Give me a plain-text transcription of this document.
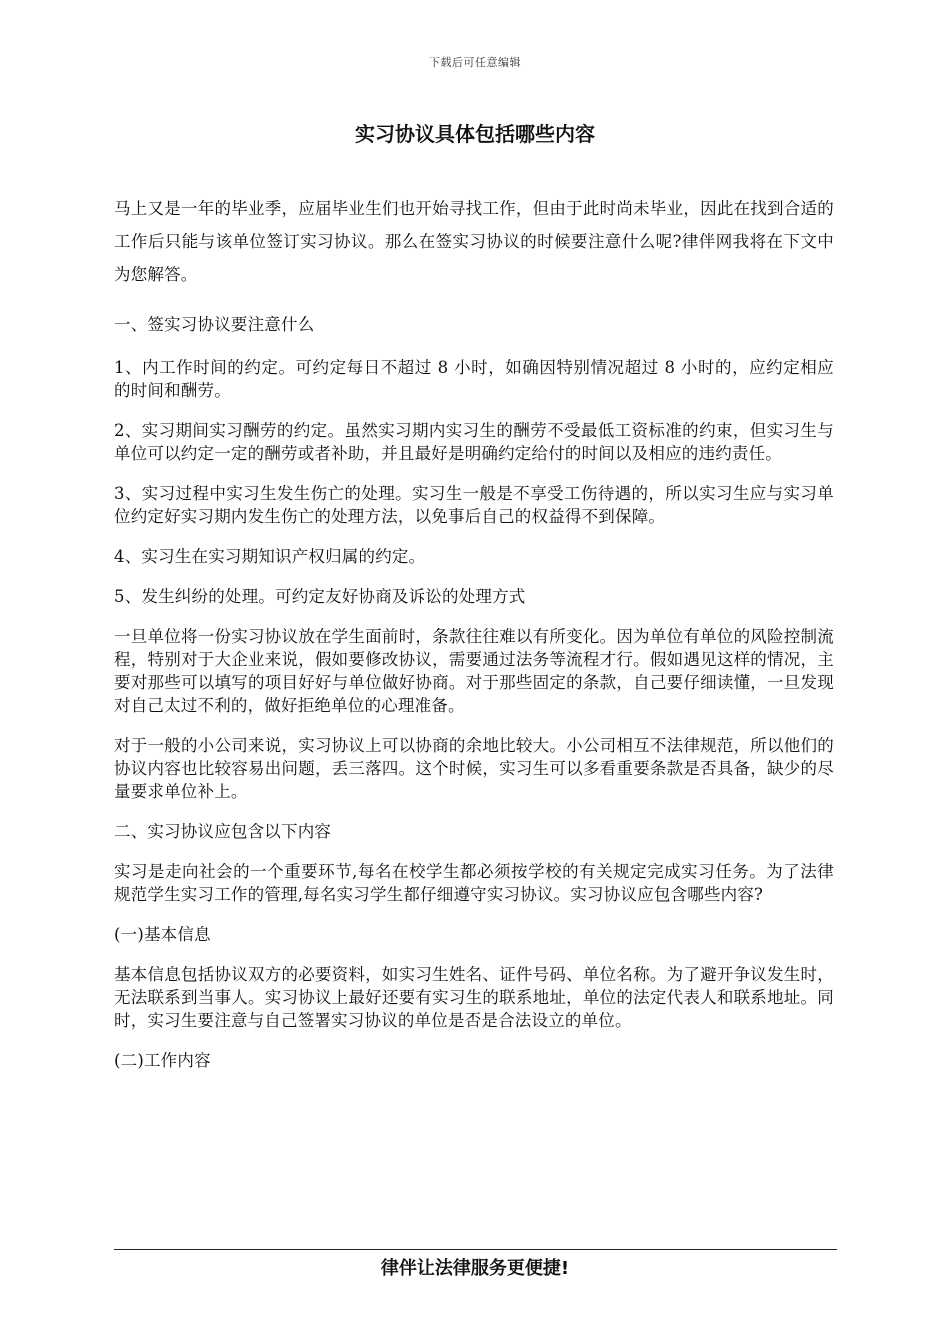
下载后可任意编辑
实习协议具体包括哪些内容

马上又是一年的毕业季，应届毕业生们也开始寻找工作，但由于此时尚未毕业，因此在找到合适的工作后只能与该单位签订实习协议。那么在签实习协议的时候要注意什么呢?律伴网我将在下文中为您解答。

一、签实习协议要注意什么

1、内工作时间的约定。可约定每日不超过 8 小时，如确因特别情况超过 8 小时的，应约定相应的时间和酬劳。

2、实习期间实习酬劳的约定。虽然实习期内实习生的酬劳不受最低工资标准的约束，但实习生与单位可以约定一定的酬劳或者补助，并且最好是明确约定给付的时间以及相应的违约责任。

3、实习过程中实习生发生伤亡的处理。实习生一般是不享受工伤待遇的，所以实习生应与实习单位约定好实习期内发生伤亡的处理方法，以免事后自己的权益得不到保障。

4、实习生在实习期知识产权归属的约定。

5、发生纠纷的处理。可约定友好协商及诉讼的处理方式

一旦单位将一份实习协议放在学生面前时，条款往往难以有所变化。因为单位有单位的风险控制流程，特别对于大企业来说，假如要修改协议，需要通过法务等流程才行。假如遇见这样的情况，主要对那些可以填写的项目好好与单位做好协商。对于那些固定的条款，自己要仔细读懂，一旦发现对自己太过不利的，做好拒绝单位的心理准备。

对于一般的小公司来说，实习协议上可以协商的余地比较大。小公司相互不法律规范，所以他们的协议内容也比较容易出问题，丢三落四。这个时候，实习生可以多看重要条款是否具备，缺少的尽量要求单位补上。

二、实习协议应包含以下内容

实习是走向社会的一个重要环节,每名在校学生都必须按学校的有关规定完成实习任务。为了法律规范学生实习工作的管理,每名实习学生都仔细遵守实习协议。实习协议应包含哪些内容?

(一)基本信息

基本信息包括协议双方的必要资料，如实习生姓名、证件号码、单位名称。为了避开争议发生时，无法联系到当事人。实习协议上最好还要有实习生的联系地址，单位的法定代表人和联系地址。同时，实习生要注意与自己签署实习协议的单位是否是合法设立的单位。

(二)工作内容

律伴让法律服务更便捷!
